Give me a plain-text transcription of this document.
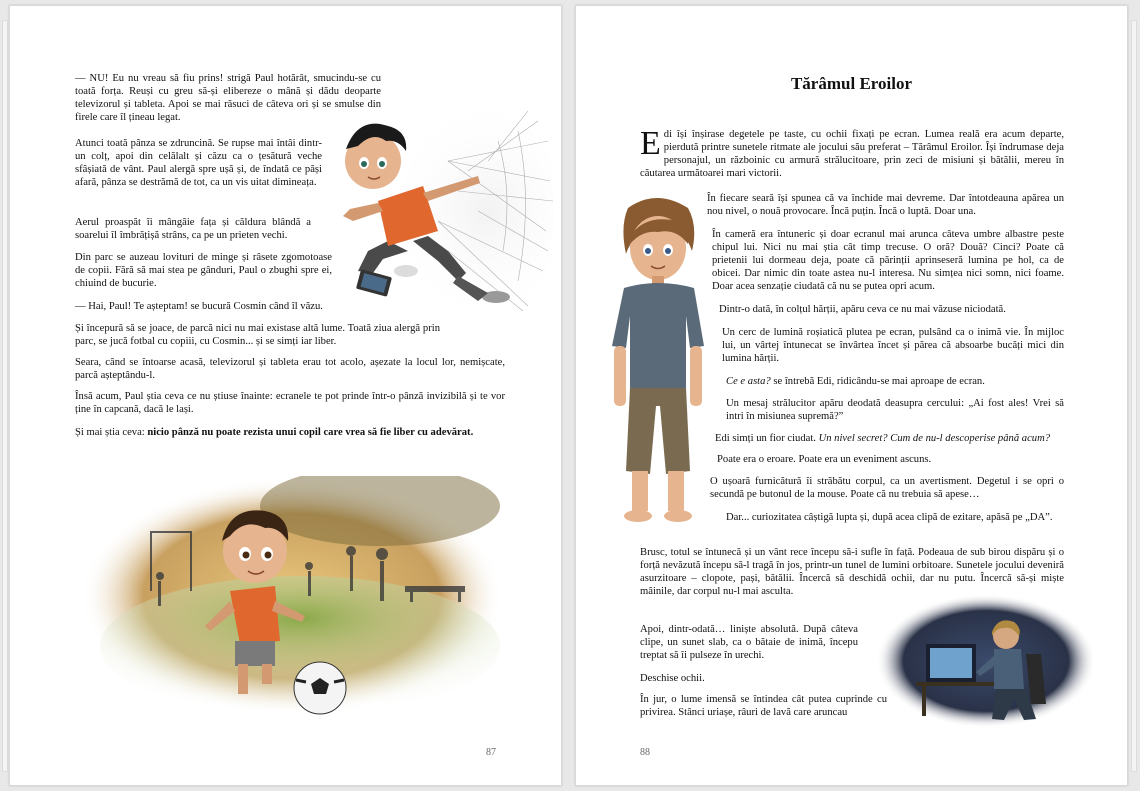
— NU! Eu nu vreau să fiu prins! strigă Paul hotărât, smucindu-se cu toată forța. Reuși cu greu să-și elibereze o mână și dădu deoparte televizorul și tableta. Apoi se mai răsuci de câteva ori și se smulse din firele care îl țineau legat.

Atunci toată pânza se zdruncină. Se rupse mai întâi dintr-un colț, apoi din celălalt și căzu ca o țesătură veche sfâșiată de vânt. Paul alergă spre ușă și, de îndată ce păși afară, pânza se destrămă de tot, ca un vis uitat dimineața.

Aerul proaspăt îi mângâie fața și căldura blândă a soarelui îl îmbrățișă strâns, ca pe un prieten vechi.

Din parc se auzeau lovituri de minge și râsete zgomotoase de copii. Fără să mai stea pe gânduri, Paul o zbughi spre ei, chiuind de bucurie.

— Hai, Paul! Te așteptam! se bucură Cosmin când îl văzu.

Și începură să se joace, de parcă nici nu mai existase altă lume. Toată ziua alergă prin parc, se jucă fotbal cu copiii, cu Cosmin... și se simți iar liber.

Seara, când se întoarse acasă, televizorul și tableta erau tot acolo, așezate la locul lor, nemișcate, parcă așteptându-l.

Însă acum, Paul știa ceva ce nu știuse înainte: ecranele te pot prinde într-o pânză invizibilă și te vor ține în capcană, dacă le lași.

Și mai știa ceva: nicio pânză nu poate rezista unui copil care vrea să fie liber cu adevărat.

87
Tărâmul Eroilor

Edi își înșirase degetele pe taste, cu ochii fixați pe ecran. Lumea reală era acum departe, pierdută printre sunetele ritmate ale jocului său preferat – Tărâmul Eroilor. Își îndrumase deja personajul, un războinic cu armură strălucitoare, prin zeci de misiuni și bătălii, mereu în căutarea următoarei mari victorii.

În fiecare seară își spunea că va închide mai devreme. Dar întotdeauna apărea un nou nivel, o nouă provocare. Încă puțin. Încă o luptă. Doar una.

În cameră era întuneric și doar ecranul mai arunca câteva umbre albastre peste chipul lui. Nici nu mai știa cât timp trecuse. O oră? Două? Cinci? Poate că prietenii lui dormeau deja, poate că părinții aprinseseră lumina pe hol, ca de obicei. Dar nimic din toate astea nu-l interesa. Nu simțea nici somn, nici foame. Doar acea senzație ciudată că nu se putea opri acum.

Dintr-o dată, în colțul hărții, apăru ceva ce nu mai văzuse niciodată.

Un cerc de lumină roșiatică plutea pe ecran, pulsând ca o inimă vie. În mijloc lui, un vârtej întunecat se învârtea încet și părea că absoarbe bucăți mici din lumina hărții.

Ce e asta? se întrebă Edi, ridicându-se mai aproape de ecran.

Un mesaj strălucitor apăru deodată deasupra cercului: „Ai fost ales! Vrei să intri în misiunea supremă?”

Edi simți un fior ciudat. Un nivel secret? Cum de nu-l descoperise până acum?

Poate era o eroare. Poate era un eveniment ascuns.

O ușoară furnicătură îi străbătu corpul, ca un avertisment. Degetul i se opri o secundă pe butonul de la mouse. Poate că nu trebuia să apese…

Dar... curiozitatea câștigă lupta și, după acea clipă de ezitare, apăsă pe „DA”.

Brusc, totul se întunecă și un vânt rece începu să-i sufle în față. Podeaua de sub birou dispăru și o forță nevăzută începu să-l tragă în jos, printr-un tunel de lumini orbitoare. Sunetele jocului deveniră asurzitoare – clopote, pași, bătălii. Încercă să deschidă ochii, dar nu putu. Încercă să-și miște mâinile, dar corpul nu-l mai asculta.

Apoi, dintr-odată… liniște absolută. După câteva clipe, un sunet slab, ca o bătaie de inimă, începu treptat să îi pulseze în urechi.

Deschise ochii.

În jur, o lume imensă se întindea cât putea cuprinde cu privirea. Stânci uriașe, râuri de lavă care aruncau

88
